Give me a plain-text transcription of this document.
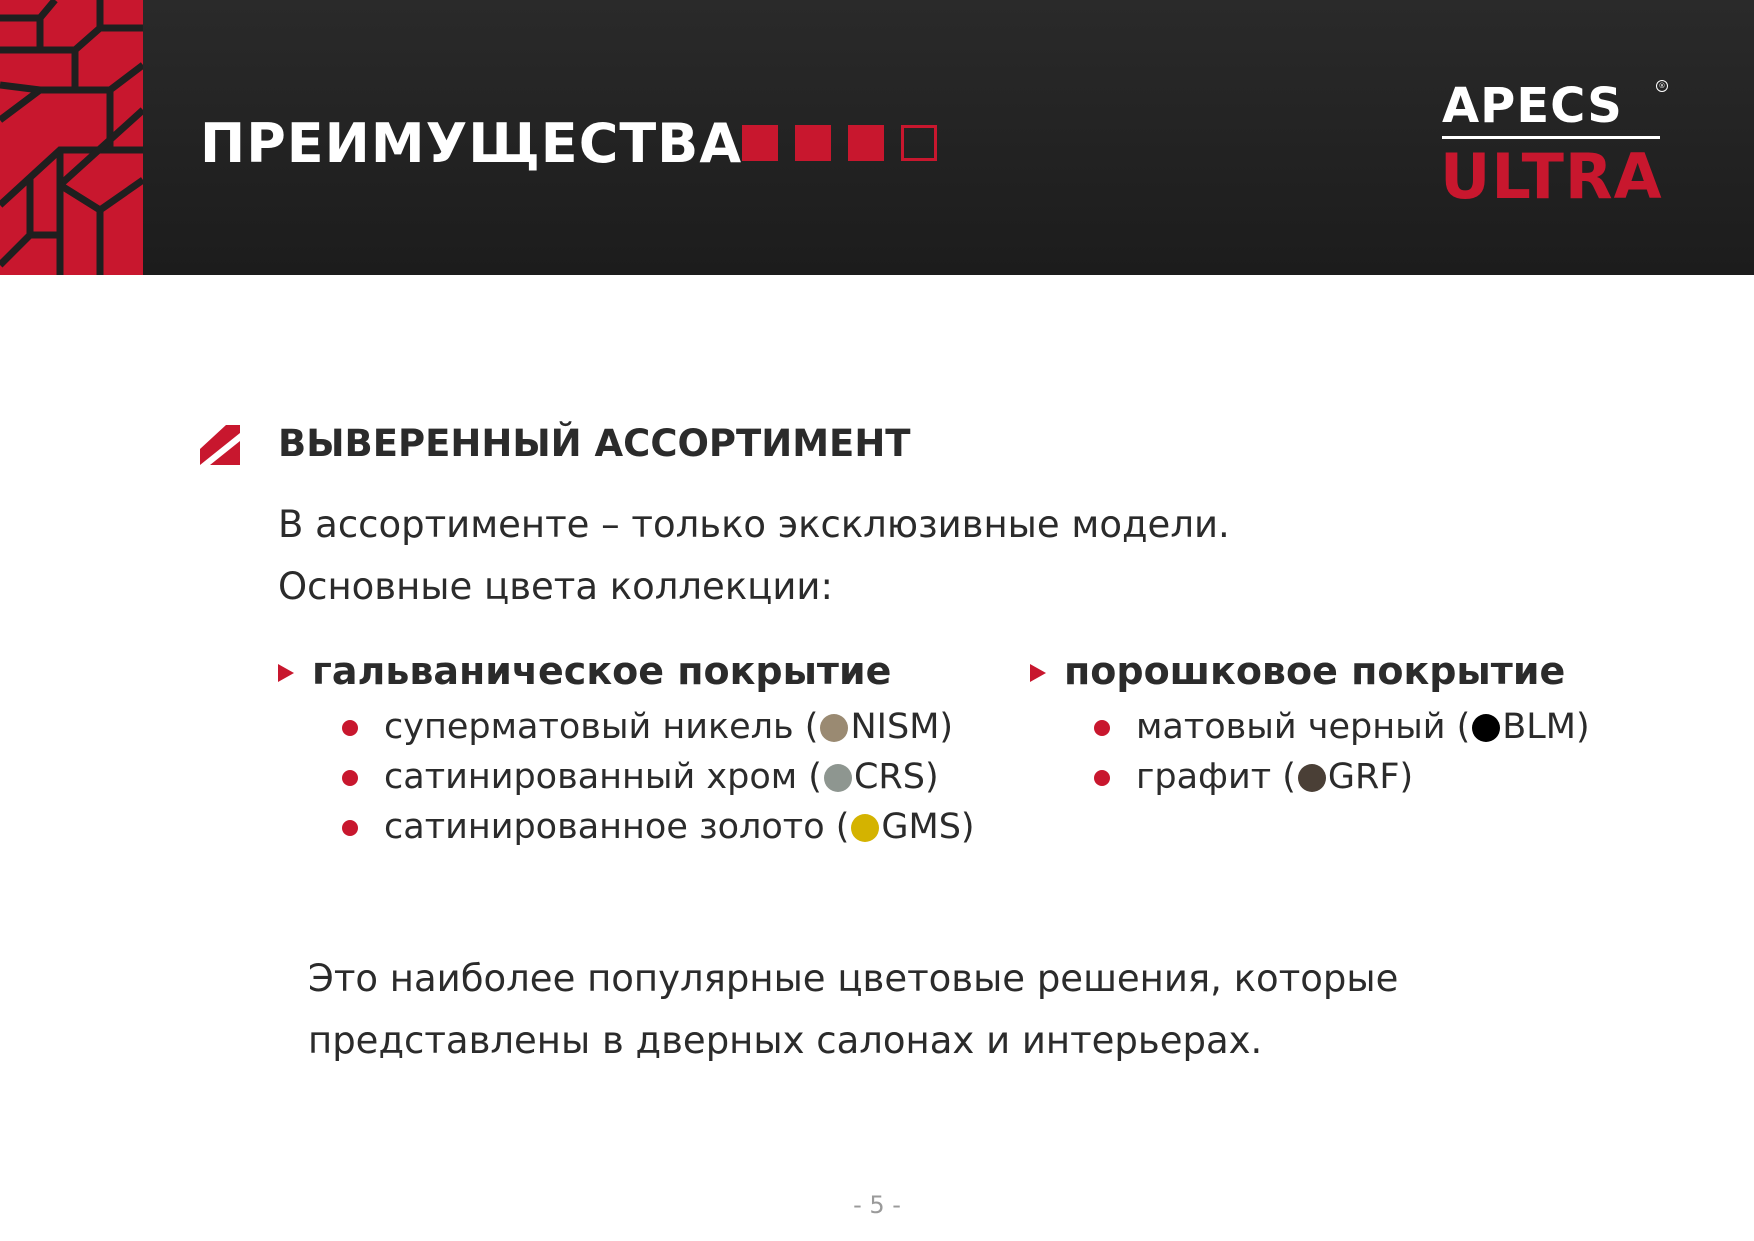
ПРЕИМУЩЕСТВА
APECS	®
ULTRA
ВЫВЕРЕННЫЙ АССОРТИМЕНТ
В ассортименте – только эксклюзивные модели.
Основные цвета коллекции:
гальваническое покрытие
суперматовый никель ( NISM)
сатинированный хром ( CRS)
сатинированное золото ( GMS)
порошковое покрытие
матовый черный ( BLM)
графит ( GRF)
Это наиболее популярные цветовые решения, которые
представлены в дверных салонах и интерьерах.
- 5 -
